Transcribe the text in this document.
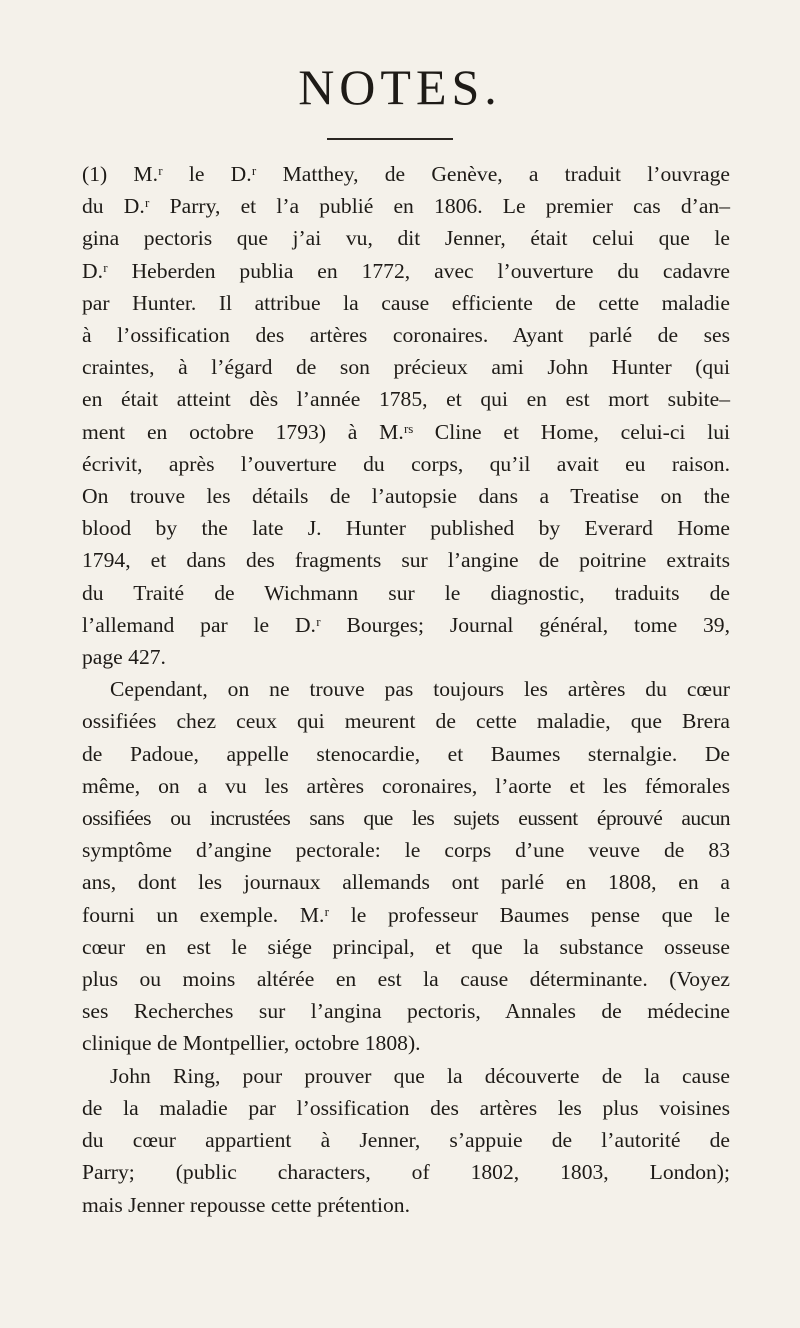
NOTES.

(1) M.ʳ le D.ʳ Matthey, de Genève, a traduit l’ouvrage
du D.ʳ Parry, et l’a publié en 1806. Le premier cas d’an–
gina pectoris que j’ai vu, dit Jenner, était celui que le
D.ʳ Heberden publia en 1772, avec l’ouverture du cadavre
par Hunter. Il attribue la cause efficiente de cette maladie
à l’ossification des artères coronaires. Ayant parlé de ses
craintes, à l’égard de son précieux ami John Hunter (qui
en était atteint dès l’année 1785, et qui en est mort subite–
ment en octobre 1793) à M.ʳˢ Cline et Home, celui-ci lui
écrivit, après l’ouverture du corps, qu’il avait eu raison.
On trouve les détails de l’autopsie dans a Treatise on the
blood by the late J. Hunter published by Everard Home
1794, et dans des fragments sur l’angine de poitrine extraits
du Traité de Wichmann sur le diagnostic, traduits de
l’allemand par le D.ʳ Bourges; Journal général, tome 39,
page 427.

Cependant, on ne trouve pas toujours les artères du cœur
ossifiées chez ceux qui meurent de cette maladie, que Brera
de Padoue, appelle stenocardie, et Baumes sternalgie. De
même, on a vu les artères coronaires, l’aorte et les fémorales
ossifiées ou incrustées sans que les sujets eussent éprouvé aucun
symptôme d’angine pectorale: le corps d’une veuve de 83
ans, dont les journaux allemands ont parlé en 1808, en a
fourni un exemple. M.ʳ le professeur Baumes pense que le
cœur en est le siége principal, et que la substance osseuse
plus ou moins altérée en est la cause déterminante. (Voyez
ses Recherches sur l’angina pectoris, Annales de médecine
clinique de Montpellier, octobre 1808).

John Ring, pour prouver que la découverte de la cause
de la maladie par l’ossification des artères les plus voisines
du cœur appartient à Jenner, s’appuie de l’autorité de
Parry; (public characters, of 1802, 1803, London);
mais Jenner repousse cette prétention.
